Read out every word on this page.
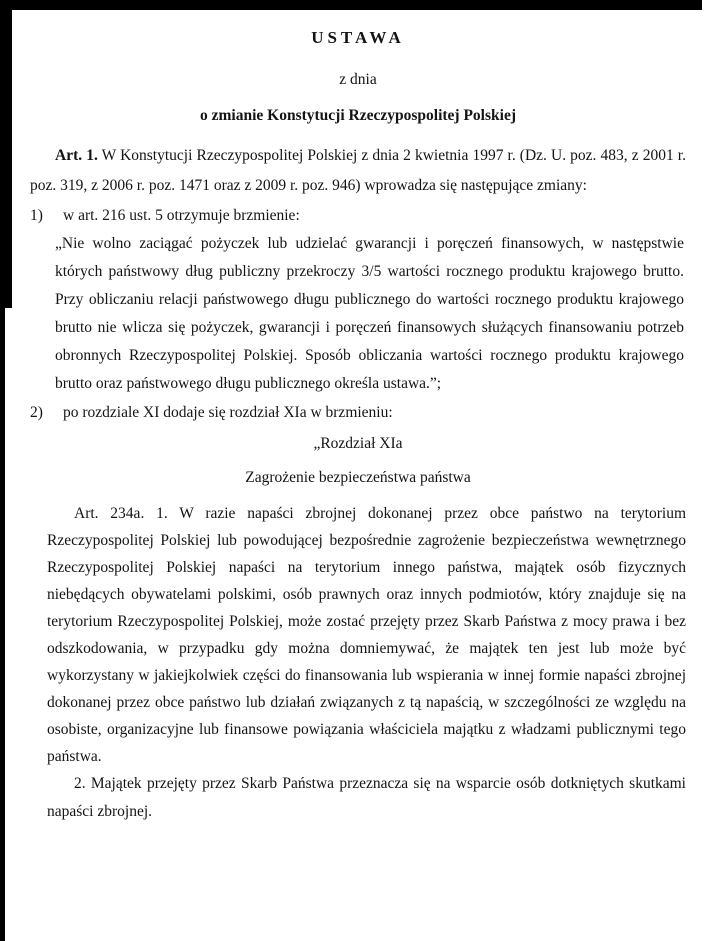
USTAWA
z dnia
o zmianie Konstytucji Rzeczypospolitej Polskiej

Art. 1. W Konstytucji Rzeczypospolitej Polskiej z dnia 2 kwietnia 1997 r. (Dz. U. poz. 483, z 2001 r. poz. 319, z 2006 r. poz. 1471 oraz z 2009 r. poz. 946) wprowadza się następujące zmiany:

1)	w art. 216 ust. 5 otrzymuje brzmienie:

„Nie wolno zaciągać pożyczek lub udzielać gwarancji i poręczeń finansowych, w następstwie których państwowy dług publiczny przekroczy 3/5 wartości rocznego produktu krajowego brutto. Przy obliczaniu relacji państwowego długu publicznego do wartości rocznego produktu krajowego brutto nie wlicza się pożyczek, gwarancji i poręczeń finansowych służących finansowaniu potrzeb obronnych Rzeczypospolitej Polskiej. Sposób obliczania wartości rocznego produktu krajowego brutto oraz państwowego długu publicznego określa ustawa.”;

2)	po rozdziale XI dodaje się rozdział XIa w brzmieniu:
„Rozdział XIa
Zagrożenie bezpieczeństwa państwa

Art. 234a. 1. W razie napaści zbrojnej dokonanej przez obce państwo na terytorium Rzeczypospolitej Polskiej lub powodującej bezpośrednie zagrożenie bezpieczeństwa wewnętrznego Rzeczypospolitej Polskiej napaści na terytorium innego państwa, majątek osób fizycznych niebędących obywatelami polskimi, osób prawnych oraz innych podmiotów, który znajduje się na terytorium Rzeczypospolitej Polskiej, może zostać przejęty przez Skarb Państwa z mocy prawa i bez odszkodowania, w przypadku gdy można domniemywać, że majątek ten jest lub może być wykorzystany w jakiejkolwiek części do finansowania lub wspierania w innej formie napaści zbrojnej dokonanej przez obce państwo lub działań związanych z tą napaścią, w szczególności ze względu na osobiste, organizacyjne lub finansowe powiązania właściciela majątku z władzami publicznymi tego państwa.

2. Majątek przejęty przez Skarb Państwa przeznacza się na wsparcie osób dotkniętych skutkami napaści zbrojnej.
